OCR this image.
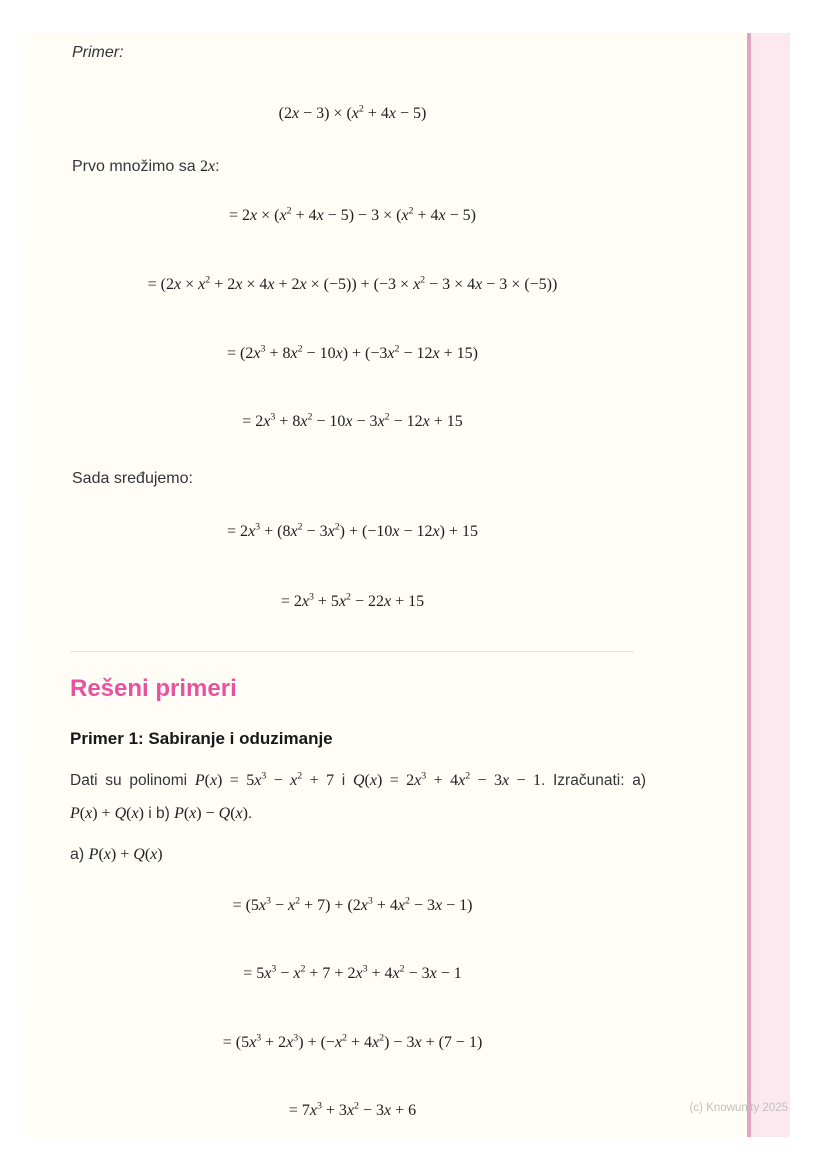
Primer:
$(2x - 3) \times (x^2 + 4x - 5)$
Prvo množimo sa 2x:
= $2x \times (x^2 + 4x - 5) - 3 \times (x^2 + 4x - 5)$
= $(2x \times x^2 + 2x \times 4x + 2x \times (-5)) + (-3 \times x^2 - 3 \times 4x - 3 \times (-5))$
= $(2x^3 + 8x^2 - 10x) + (-3x^2 - 12x + 15)$
= $2x^3 + 8x^2 - 10x - 3x^2 - 12x + 15$
Sada sređujemo:
= $2x^3 + (8x^2 - 3x^2) + (-10x - 12x) + 15$
= $2x^3 + 5x^2 - 22x + 15$
Rešeni primeri
Primer 1: Sabiranje i oduzimanje
Dati su polinomi $P(x) = 5x^3 - x^2 + 7$ i $Q(x) = 2x^3 + 4x^2 - 3x - 1$. Izračunati: a)
P(x) + Q(x) i b) P(x) − Q(x).
a) P(x) + Q(x)
= $(5x^3 - x^2 + 7) + (2x^3 + 4x^2 - 3x - 1)$
= $5x^3 - x^2 + 7 + 2x^3 + 4x^2 - 3x - 1$
= $(5x^3 + 2x^3) + (-x^2 + 4x^2) - 3x + (7 - 1)$
= $7x^3 + 3x^2 - 3x + 6$	(c) Knowunity 2025
